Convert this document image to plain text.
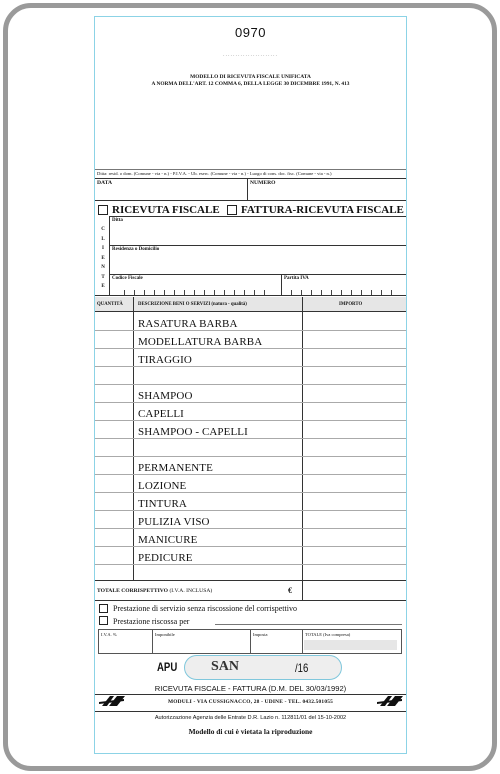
0970
......................
MODELLO DI RICEVUTA FISCALE UNIFICATA
A NORMA DELL'ART. 12 COMMA 6, DELLA LEGGE 30 DICEMBRE 1991, N. 413
Ditta: resid. o dom. (Comune - via - n.) - P.I.V.A. - Ub. eserc. (Comune - via - n.) - Luogo di cons. doc. fisc. (Comune - via - n.)
DATA	NUMERO
RICEVUTA FISCALE FATTURA-RICEVUTA FISCALE
C
L
I
E
N
T
E
Ditta
Residenza o Domicilio
Codice Fiscale	Partita IVA
QUANTITÀ	DESCRIZIONE BENI O SERVIZI (natura - qualità)	IMPORTO
RASATURA BARBA
MODELLATURA BARBA
TIRAGGIO
SHAMPOO
CAPELLI
SHAMPOO - CAPELLI
PERMANENTE
LOZIONE
TINTURA
PULIZIA VISO
MANICURE
PEDICURE
TOTALE CORRISPETTIVO (I.V.A. INCLUSA)	€
Prestazione di servizio senza riscossione del corrispettivo
Prestazione riscossa per
I.V.A. %	Imponibile	Imposta	TOTALE (Iva compresa)
APU SAN	/16
RICEVUTA FISCALE - FATTURA (D.M. DEL 30/03/1992)
MODULI - VIA CUSSIGNACCO, 28 - UDINE - TEL. 0432.501055
Autorizzazione Agenzia delle Entrate D.R. Lazio n. 112811/01 del 15-10-2002
Modello di cui è vietata la riproduzione
